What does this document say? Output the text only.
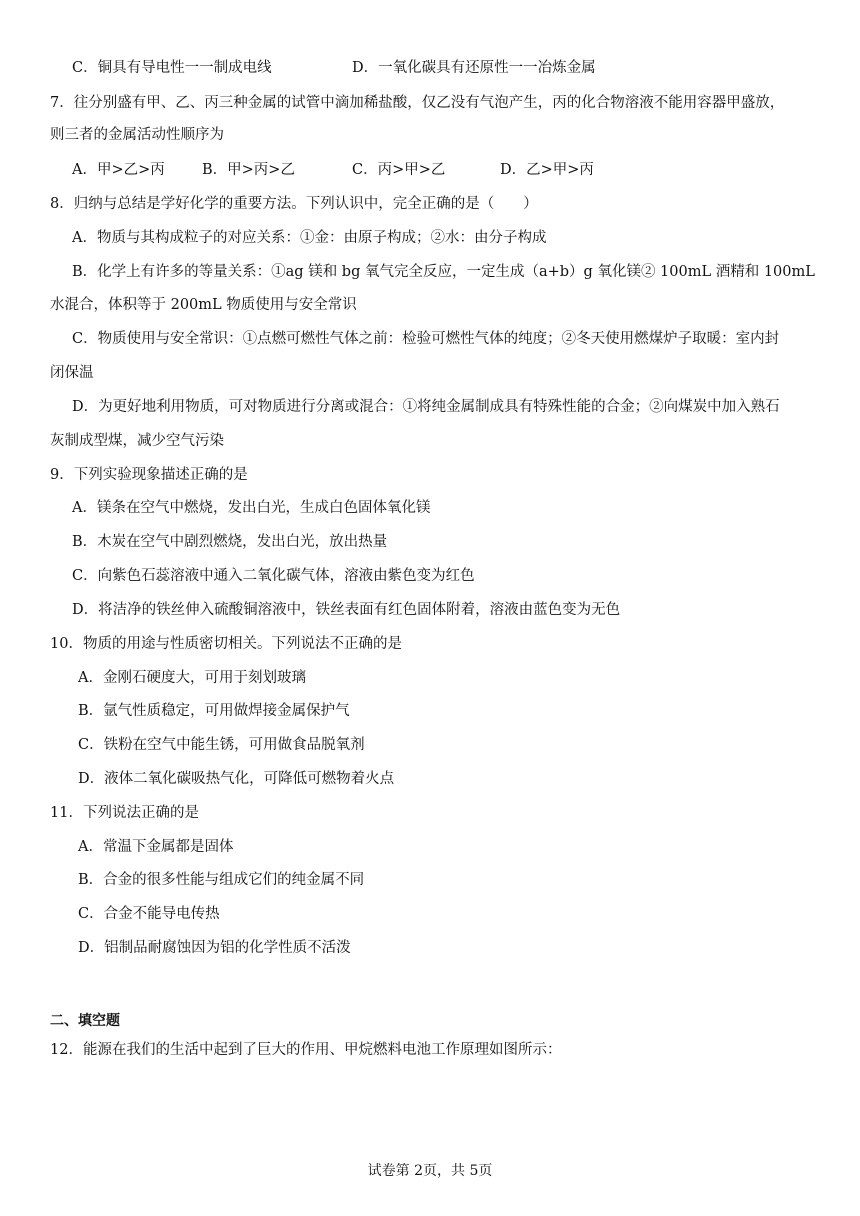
C．铜具有导电性一一制成电线	D．一氧化碳具有还原性一一冶炼金属
7．往分别盛有甲、乙、丙三种金属的试管中滴加稀盐酸，仅乙没有气泡产生，丙的化合物溶液不能用容器甲盛放，
则三者的金属活动性顺序为
A．甲>乙>丙	B．甲>丙>乙	C．丙>甲>乙	D．乙>甲>丙
8．归纳与总结是学好化学的重要方法。下列认识中，完全正确的是（　　）
A．物质与其构成粒子的对应关系：①金：由原子构成；②水：由分子构成
B．化学上有许多的等量关系：①ag 镁和 bg 氧气完全反应，一定生成（a+b）g 氧化镁② 100mL 酒精和 100mL
水混合，体积等于 200mL 物质使用与安全常识
C．物质使用与安全常识：①点燃可燃性气体之前：检验可燃性气体的纯度；②冬天使用燃煤炉子取暖：室内封
闭保温
D．为更好地利用物质，可对物质进行分离或混合：①将纯金属制成具有特殊性能的合金；②向煤炭中加入熟石
灰制成型煤，减少空气污染
9．下列实验现象描述正确的是
A．镁条在空气中燃烧，发出白光，生成白色固体氧化镁
B．木炭在空气中剧烈燃烧，发出白光，放出热量
C．向紫色石蕊溶液中通入二氧化碳气体，溶液由紫色变为红色
D．将洁净的铁丝伸入硫酸铜溶液中，铁丝表面有红色固体附着，溶液由蓝色变为无色
10．物质的用途与性质密切相关。下列说法不正确的是
A．金刚石硬度大，可用于刻划玻璃
B．氩气性质稳定，可用做焊接金属保护气
C．铁粉在空气中能生锈，可用做食品脱氧剂
D．液体二氧化碳吸热气化，可降低可燃物着火点
11．下列说法正确的是
A．常温下金属都是固体
B．合金的很多性能与组成它们的纯金属不同
C．合金不能导电传热
D．铝制品耐腐蚀因为铝的化学性质不活泼
二、填空题
12．能源在我们的生活中起到了巨大的作用、甲烷燃料电池工作原理如图所示：
试卷第 2页，共 5页
